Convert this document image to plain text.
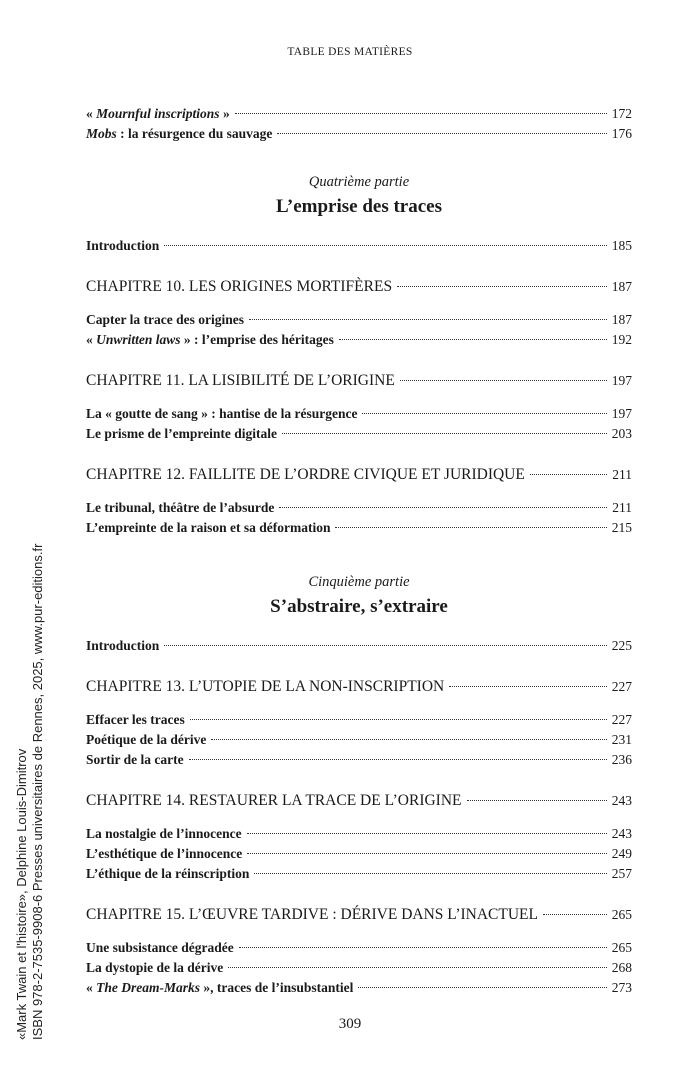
TABLE DES MATIÈRES
« Mournful inscriptions »	172
Mobs : la résurgence du sauvage	176
Quatrième partie
L’emprise des traces
Introduction	185
CHAPITRE 10. LES ORIGINES MORTIFÈRES	187
Capter la trace des origines	187
« Unwritten laws » : l’emprise des héritages	192
CHAPITRE 11. LA LISIBILITÉ DE L’ORIGINE	197
La « goutte de sang » : hantise de la résurgence	197
Le prisme de l’empreinte digitale	203
CHAPITRE 12. FAILLITE DE L’ORDRE CIVIQUE ET JURIDIQUE	211
Le tribunal, théâtre de l’absurde	211
L’empreinte de la raison et sa déformation	215
Cinquième partie
S’abstraire, s’extraire
Introduction	225
CHAPITRE 13. L’UTOPIE DE LA NON-INSCRIPTION	227
Effacer les traces	227
Poétique de la dérive	231
Sortir de la carte	236
CHAPITRE 14. RESTAURER LA TRACE DE L’ORIGINE	243
La nostalgie de l’innocence	243
L’esthétique de l’innocence	249
L’éthique de la réinscription	257
CHAPITRE 15. L’ŒUVRE TARDIVE : DÉRIVE DANS L’INACTUEL	265
Une subsistance dégradée	265
La dystopie de la dérive	268
« The Dream-Marks », traces de l’insubstantiel	273
309
«Mark Twain et l'histoire», Delphine Louis-Dimitrov ISBN 978-2-7535-9908-6 Presses universitaires de Rennes, 2025, www.pur-editions.fr
